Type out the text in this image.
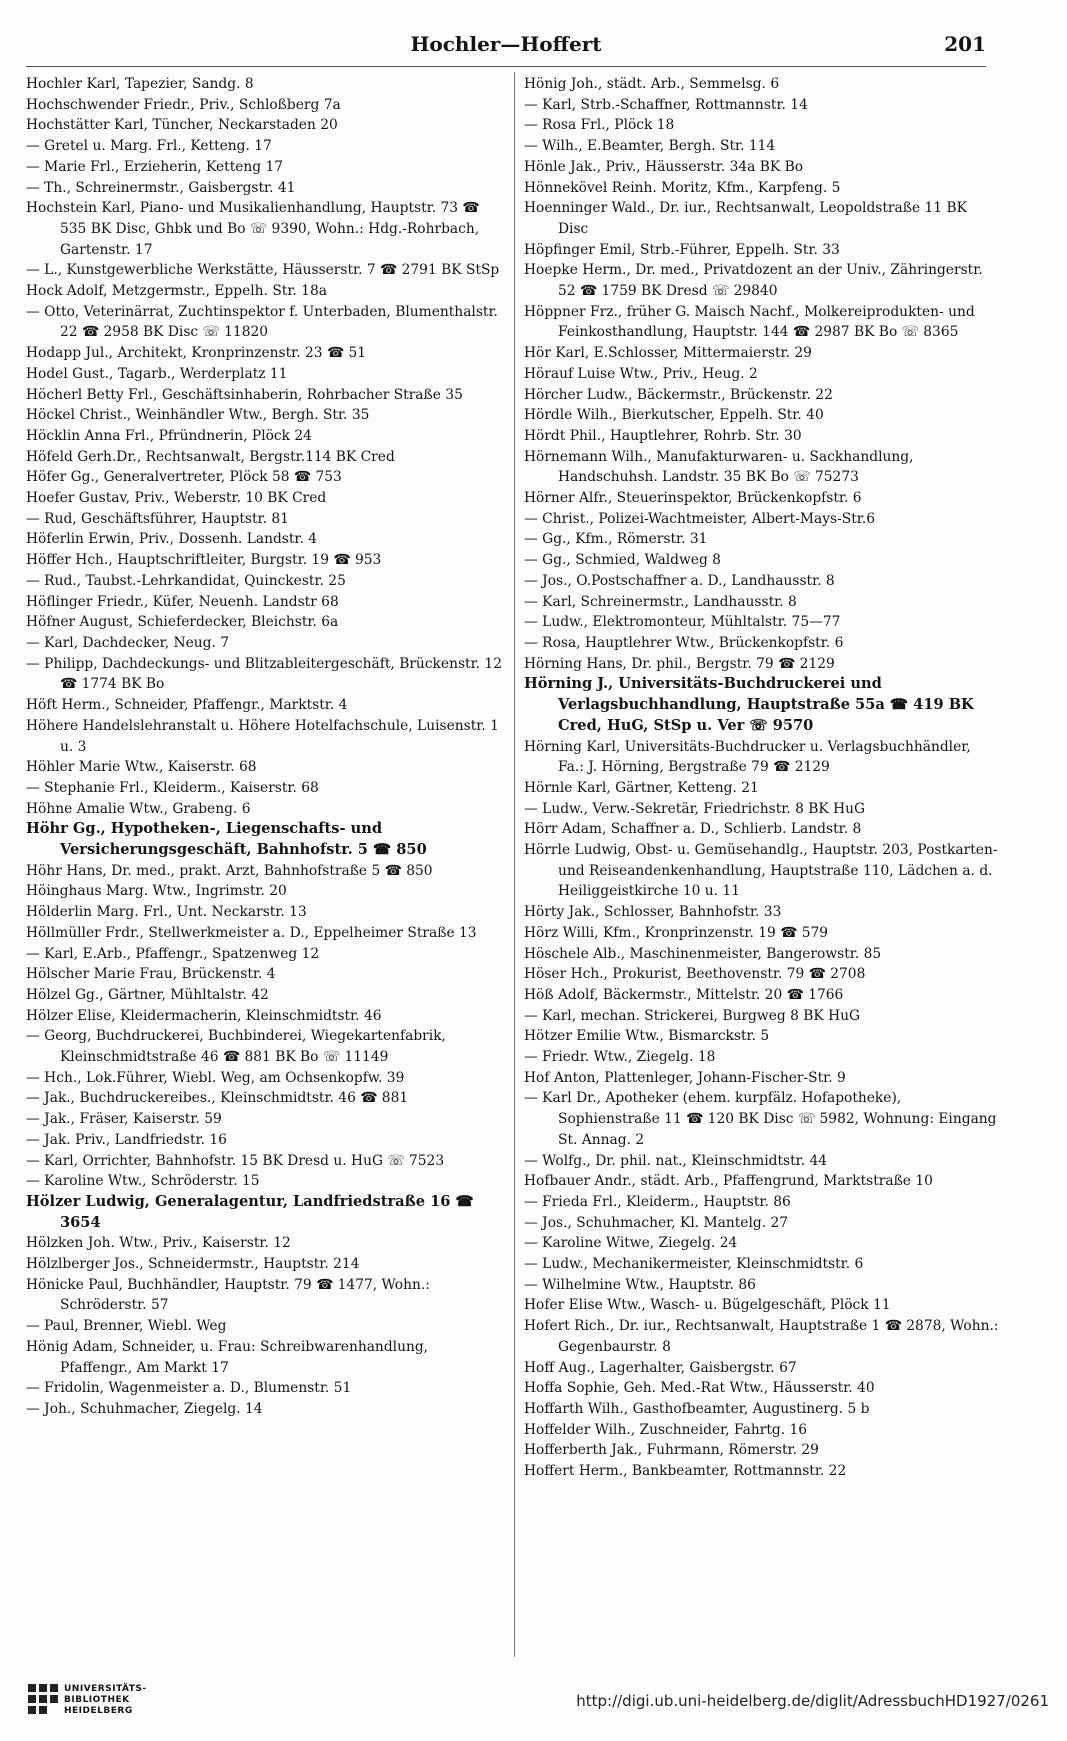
Hochler—Hoffert	201

Hochler Karl, Tapezier, Sandg. 8

Hochschwender Friedr., Priv., Schloßberg 7a

Hochstätter Karl, Tüncher, Neckarstaden 20

— Gretel u. Marg. Frl., Ketteng. 17

— Marie Frl., Erzieherin, Ketteng 17

— Th., Schreinermstr., Gaisbergstr. 41

Hochstein Karl, Piano- und Musikalienhandlung, Hauptstr. 73 ☎ 535 BK Disc, Ghbk und Bo ☏ 9390, Wohn.: Hdg.-Rohrbach, Gartenstr. 17

— L., Kunstgewerbliche Werkstätte, Häusserstr. 7 ☎ 2791 BK StSp

Hock Adolf, Metzgermstr., Eppelh. Str. 18a

— Otto, Veterinärrat, Zuchtinspektor f. Unterbaden, Blumenthalstr. 22 ☎ 2958 BK Disc ☏ 11820

Hodapp Jul., Architekt, Kronprinzenstr. 23 ☎ 51

Hodel Gust., Tagarb., Werderplatz 11

Höcherl Betty Frl., Geschäftsinhaberin, Rohrbacher Straße 35

Höckel Christ., Weinhändler Wtw., Bergh. Str. 35

Höcklin Anna Frl., Pfründnerin, Plöck 24

Höfeld Gerh.Dr., Rechtsanwalt, Bergstr.114 BK Cred

Höfer Gg., Generalvertreter, Plöck 58 ☎ 753

Hoefer Gustav, Priv., Weberstr. 10 BK Cred

— Rud, Geschäftsführer, Hauptstr. 81

Höferlin Erwin, Priv., Dossenh. Landstr. 4

Höffer Hch., Hauptschriftleiter, Burgstr. 19 ☎ 953

— Rud., Taubst.-Lehrkandidat, Quinckestr. 25

Höflinger Friedr., Küfer, Neuenh. Landstr 68

Höfner August, Schieferdecker, Bleichstr. 6a

— Karl, Dachdecker, Neug. 7

— Philipp, Dachdeckungs- und Blitzableitergeschäft, Brückenstr. 12 ☎ 1774 BK Bo

Höft Herm., Schneider, Pfaffengr., Marktstr. 4

Höhere Handelslehranstalt u. Höhere Hotelfachschule, Luisenstr. 1 u. 3

Höhler Marie Wtw., Kaiserstr. 68

— Stephanie Frl., Kleiderm., Kaiserstr. 68

Höhne Amalie Wtw., Grabeng. 6

Höhr Gg., Hypotheken-, Liegenschafts- und Versicherungsgeschäft, Bahnhofstr. 5 ☎ 850

Höhr Hans, Dr. med., prakt. Arzt, Bahnhofstraße 5 ☎ 850

Höinghaus Marg. Wtw., Ingrimstr. 20

Hölderlin Marg. Frl., Unt. Neckarstr. 13

Höllmüller Frdr., Stellwerkmeister a. D., Eppelheimer Straße 13

— Karl, E.Arb., Pfaffengr., Spatzenweg 12

Hölscher Marie Frau, Brückenstr. 4

Hölzel Gg., Gärtner, Mühltalstr. 42

Hölzer Elise, Kleidermacherin, Kleinschmidtstr. 46

— Georg, Buchdruckerei, Buchbinderei, Wiegekartenfabrik, Kleinschmidtstraße 46 ☎ 881 BK Bo ☏ 11149

— Hch., Lok.Führer, Wiebl. Weg, am Ochsenkopfw. 39

— Jak., Buchdruckereibes., Kleinschmidtstr. 46 ☎ 881

— Jak., Fräser, Kaiserstr. 59

— Jak. Priv., Landfriedstr. 16

— Karl, Orrichter, Bahnhofstr. 15 BK Dresd u. HuG ☏ 7523

— Karoline Wtw., Schröderstr. 15

Hölzer Ludwig, Generalagentur, Landfriedstraße 16 ☎ 3654

Hölzken Joh. Wtw., Priv., Kaiserstr. 12

Hölzlberger Jos., Schneidermstr., Hauptstr. 214

Hönicke Paul, Buchhändler, Hauptstr. 79 ☎ 1477, Wohn.: Schröderstr. 57

— Paul, Brenner, Wiebl. Weg

Hönig Adam, Schneider, u. Frau: Schreibwarenhandlung, Pfaffengr., Am Markt 17

— Fridolin, Wagenmeister a. D., Blumenstr. 51

— Joh., Schuhmacher, Ziegelg. 14

Hönig Joh., städt. Arb., Semmelsg. 6

— Karl, Strb.-Schaffner, Rottmannstr. 14

— Rosa Frl., Plöck 18

— Wilh., E.Beamter, Bergh. Str. 114

Hönle Jak., Priv., Häusserstr. 34a BK Bo

Hönnekövel Reinh. Moritz, Kfm., Karpfeng. 5

Hoenninger Wald., Dr. iur., Rechtsanwalt, Leopoldstraße 11 BK Disc

Höpfinger Emil, Strb.-Führer, Eppelh. Str. 33

Hoepke Herm., Dr. med., Privatdozent an der Univ., Zähringerstr. 52 ☎ 1759 BK Dresd ☏ 29840

Höppner Frz., früher G. Maisch Nachf., Molkereiprodukten- und Feinkosthandlung, Hauptstr. 144 ☎ 2987 BK Bo ☏ 8365

Hör Karl, E.Schlosser, Mittermaierstr. 29

Hörauf Luise Wtw., Priv., Heug. 2

Hörcher Ludw., Bäckermstr., Brückenstr. 22

Hördle Wilh., Bierkutscher, Eppelh. Str. 40

Hördt Phil., Hauptlehrer, Rohrb. Str. 30

Hörnemann Wilh., Manufakturwaren- u. Sackhandlung, Handschuhsh. Landstr. 35 BK Bo ☏ 75273

Hörner Alfr., Steuerinspektor, Brückenkopfstr. 6

— Christ., Polizei-Wachtmeister, Albert-Mays-Str.6

— Gg., Kfm., Römerstr. 31

— Gg., Schmied, Waldweg 8

— Jos., O.Postschaffner a. D., Landhausstr. 8

— Karl, Schreinermstr., Landhausstr. 8

— Ludw., Elektromonteur, Mühltalstr. 75—77

— Rosa, Hauptlehrer Wtw., Brückenkopfstr. 6

Hörning Hans, Dr. phil., Bergstr. 79 ☎ 2129

Hörning J., Universitäts-Buchdruckerei und Verlagsbuchhandlung, Hauptstraße 55a ☎ 419 BK Cred, HuG, StSp u. Ver ☏ 9570

Hörning Karl, Universitäts-Buchdrucker u. Verlagsbuchhändler, Fa.: J. Hörning, Bergstraße 79 ☎ 2129

Hörnle Karl, Gärtner, Ketteng. 21

— Ludw., Verw.-Sekretär, Friedrichstr. 8 BK HuG

Hörr Adam, Schaffner a. D., Schlierb. Landstr. 8

Hörrle Ludwig, Obst- u. Gemüsehandlg., Hauptstr. 203, Postkarten- und Reiseandenkenhandlung, Hauptstraße 110, Lädchen a. d. Heiliggeistkirche 10 u. 11

Hörty Jak., Schlosser, Bahnhofstr. 33

Hörz Willi, Kfm., Kronprinzenstr. 19 ☎ 579

Höschele Alb., Maschinenmeister, Bangerowstr. 85

Höser Hch., Prokurist, Beethovenstr. 79 ☎ 2708

Höß Adolf, Bäckermstr., Mittelstr. 20 ☎ 1766

— Karl, mechan. Strickerei, Burgweg 8 BK HuG

Hötzer Emilie Wtw., Bismarckstr. 5

— Friedr. Wtw., Ziegelg. 18

Hof Anton, Plattenleger, Johann-Fischer-Str. 9

— Karl Dr., Apotheker (ehem. kurpfälz. Hofapotheke), Sophienstraße 11 ☎ 120 BK Disc ☏ 5982, Wohnung: Eingang St. Annag. 2

— Wolfg., Dr. phil. nat., Kleinschmidtstr. 44

Hofbauer Andr., städt. Arb., Pfaffengrund, Marktstraße 10

— Frieda Frl., Kleiderm., Hauptstr. 86

— Jos., Schuhmacher, Kl. Mantelg. 27

— Karoline Witwe, Ziegelg. 24

— Ludw., Mechanikermeister, Kleinschmidtstr. 6

— Wilhelmine Wtw., Hauptstr. 86

Hofer Elise Wtw., Wasch- u. Bügelgeschäft, Plöck 11

Hofert Rich., Dr. iur., Rechtsanwalt, Hauptstraße 1 ☎ 2878, Wohn.: Gegenbaurstr. 8

Hoff Aug., Lagerhalter, Gaisbergstr. 67

Hoffa Sophie, Geh. Med.-Rat Wtw., Häusserstr. 40

Hoffarth Wilh., Gasthofbeamter, Augustinerg. 5 b

Hoffelder Wilh., Zuschneider, Fahrtg. 16

Hofferberth Jak., Fuhrmann, Römerstr. 29

Hoffert Herm., Bankbeamter, Rottmannstr. 22

UNIVERSITÄTS-
BIBLIOTHEK
HEIDELBERG
http://digi.ub.uni-heidelberg.de/diglit/AdressbuchHD1927/0261
